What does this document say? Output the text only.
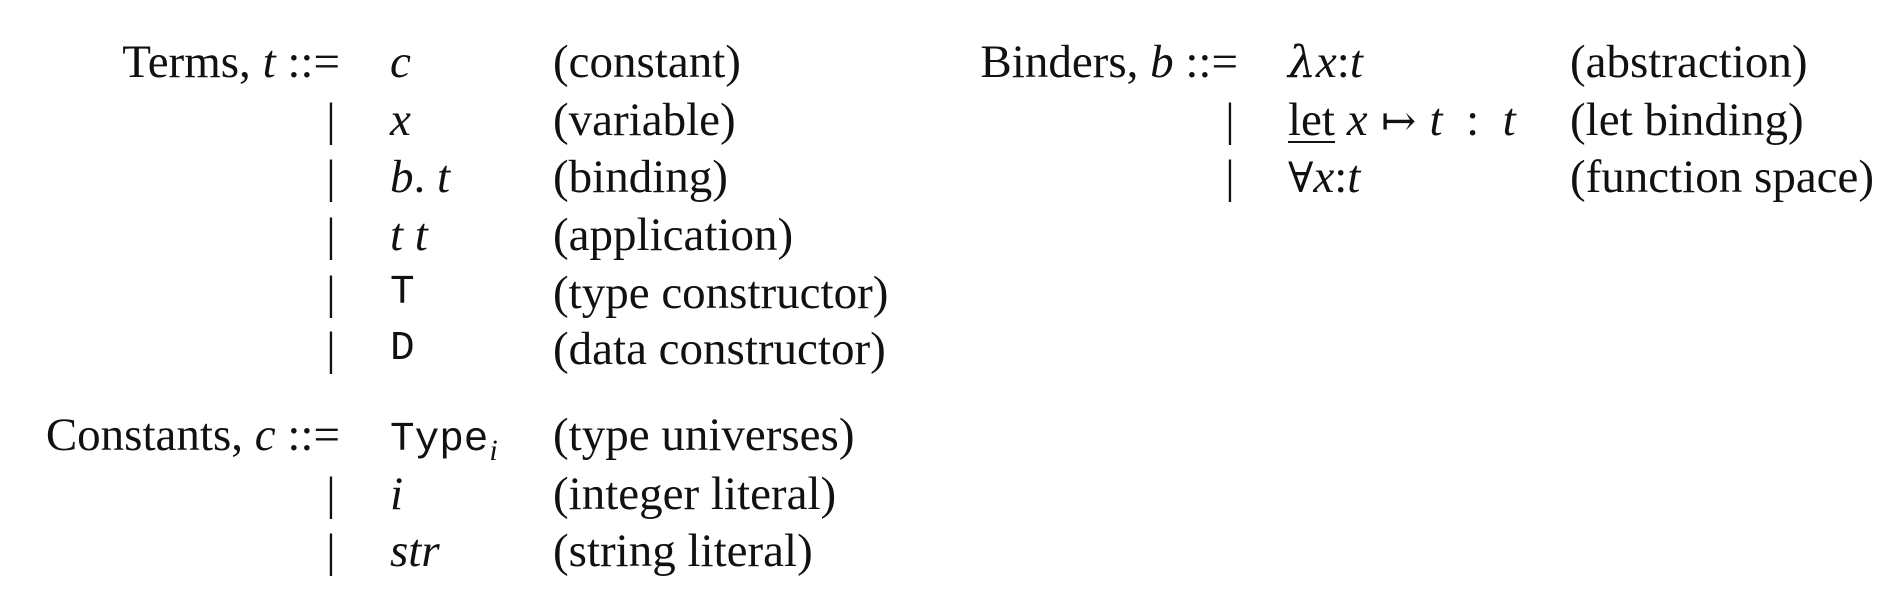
Terms, t ::= c	(constant)
| x	(variable)
| b. t (binding)
| t t	(application)
| T	(type constructor)
| D	(data constructor)
Constants, c ::= Type$_i$ (type universes)
| i	(integer literal)
| str (string literal)
Binders, b ::= λx:t	(abstraction)
| let x ↦ t  :  t (let binding)
| ∀x:t	(function space)
